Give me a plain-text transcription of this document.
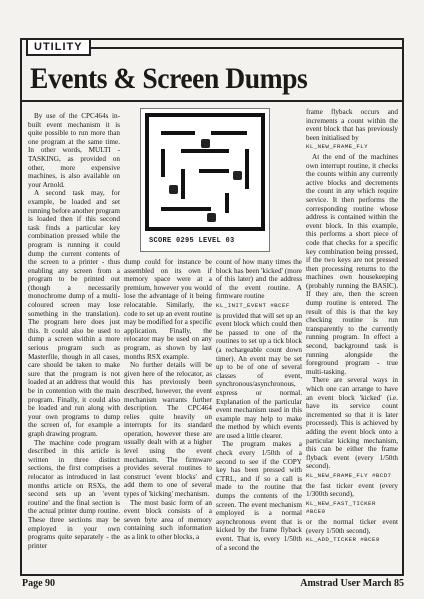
UTILITY
Events & Screen Dumps
SCORE 0295 LEVEL 03

By use of the CPC464s in-built event mechanism it is quite possible to run more than one program at the same time. In other words, MULTI - TASKING, as provided on other, more expensive machines, is also available on your Arnold.

A second task may, for example, be loaded and set running before another program is loaded then if this second task finds a particular key combination pressed while the program is running it could dump the current contents of the screen to a printer - thus enabling any screen from a program to be printed out (though a necessarily monochrome dump of a multi-coloured screen may lose something in the translation). The program here does just this. It could also be used to dump a screen within a more serious program such as Masterfile, though in all cases, care should be taken to make sure that the program is not loaded at an address that would be in contention with the main program. Finally, it could also be loaded and run along with your own programs to dump the screen of, for example a graph drawing program.

The machine code program described in this article is written in three distinct sections, the first comprises a relocator as introduced in last months article on RSXs, the second sets up an 'event routine' and the final section is the actual printer dump routine. These three sections may be employed in your own programs quite separately - the printer

dump could for instance be assembled on its own if memory space were at a premium, however you would lose the advantage of it being relocatable. Similarly, the code to set up an event routine may be modified for a specific application. Finally, the relocator may be used on any program, as shown by last months RSX example.

No further details will be given here of the relocator, as this has previously been described, however, the event mechanism warrants further description. The CPC464 relies quite heavily on interrupts for its standard operation, however these are usually dealt with at a higher level using the event mechanism. The firmware provides several routines to construct 'event blocks' and add them to one of several types of 'kicking' mechanism.

The most basic form of an event block consists of a seven byte area of memory containing such information as a link to other blocks, a

count of how many times the block has been 'kicked' (more of this later) and the address of the event routine. A firmware routine

KL_INIT_EVENT #BCEF

is provided that will set up an event block which could then be passed to one of the routines to set up a tick block (a rechargeable count down timer). An event may be set up to be of one of several classes of event, synchronous/asynchronous, express or normal. Explanation of the particular event mechanism used in this example may help to make the method by which events are used a little clearer.

The program makes a check every 1/50th of a second to see if the COPY key has been pressed with CTRL, and if so a call is made to the routine that dumps the contents of the screen. The event mechanism employed is a normal asynchronous event that is kicked by the frame flyback event. That is, every 1/50th of a second the

frame flyback occurs and increments a count within the event block that has previously been initialised by

KL_NEW_FRAME_FLY

At the end of the machines own interrupt routine, it checks the counts within any currently active blocks and decrements the count in any which require service. It then performs the corresponding routine whose address is contained within the event block. In this example, this performs a short piece of code that checks for a specific key combination being pressed, if the two keys are not pressed then processing returns to the machines own housekeeping (probably running the BASIC). If they are, then the screen dump routine is entered. The result of this is that the key checking routine is run transparently to the currently running program. In effect a second, background task is running alongside the foreground program - true multi-tasking.

There are several ways in which one can arrange to have an event block 'kicked' (i.e. have its service count incremented so that it is later processed). This is achieved by adding the event block onto a particular kicking mechanism, this can be either the frame flyback event (every 1/50th second).

KL_NEW_FRAME_FLY #BCD7

the fast ticker event (every 1/300th second),

KL_NEW_FAST_TICKER #BCE0

or the normal ticker event (every 1/50th second),

KL_ADD_TICKER #BCE9
Page 90	Amstrad User March 85
